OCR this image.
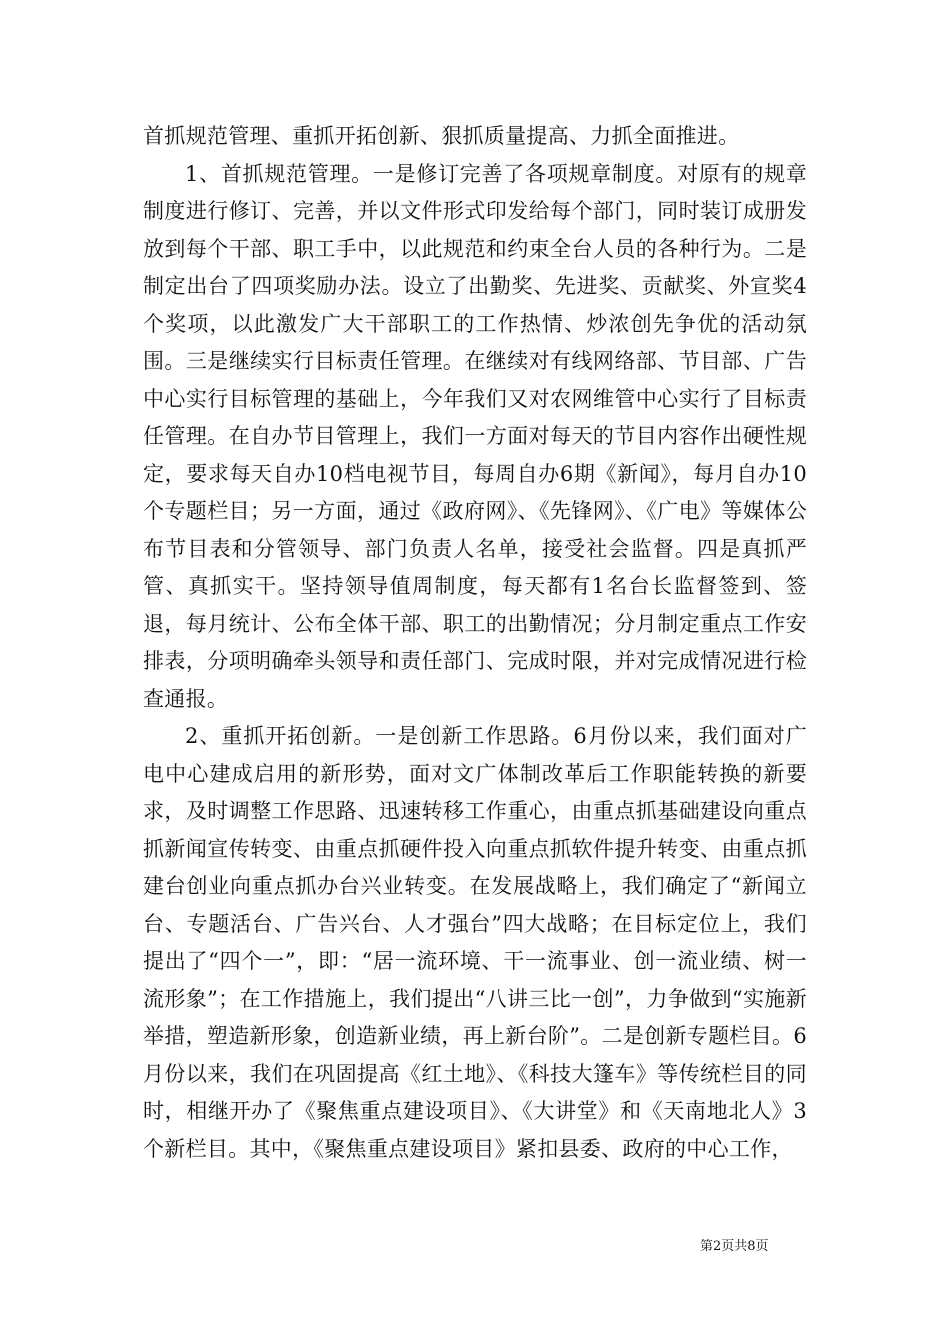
首抓规范管理、重抓开拓创新、狠抓质量提高、力抓全面推进。

1、首抓规范管理。一是修订完善了各项规章制度。对原有的规章制度进行修订、完善，并以文件形式印发给每个部门，同时装订成册发放到每个干部、职工手中，以此规范和约束全台人员的各种行为。二是制定出台了四项奖励办法。设立了出勤奖、先进奖、贡献奖、外宣奖4个奖项，以此激发广大干部职工的工作热情、炒浓创先争优的活动氛围。三是继续实行目标责任管理。在继续对有线网络部、节目部、广告中心实行目标管理的基础上，今年我们又对农网维管中心实行了目标责任管理。在自办节目管理上，我们一方面对每天的节目内容作出硬性规定，要求每天自办10档电视节目，每周自办6期《新闻》，每月自办10个专题栏目；另一方面，通过《政府网》、《先锋网》、《广电》等媒体公布节目表和分管领导、部门负责人名单，接受社会监督。四是真抓严管、真抓实干。坚持领导值周制度，每天都有1名台长监督签到、签退，每月统计、公布全体干部、职工的出勤情况；分月制定重点工作安排表，分项明确牵头领导和责任部门、完成时限，并对完成情况进行检查通报。

2、重抓开拓创新。一是创新工作思路。6月份以来，我们面对广电中心建成启用的新形势，面对文广体制改革后工作职能转换的新要求，及时调整工作思路、迅速转移工作重心，由重点抓基础建设向重点抓新闻宣传转变、由重点抓硬件投入向重点抓软件提升转变、由重点抓建台创业向重点抓办台兴业转变。在发展战略上，我们确定了“新闻立台、专题活台、广告兴台、人才强台”四大战略；在目标定位上，我们提出了“四个一”，即：“居一流环境、干一流事业、创一流业绩、树一流形象”；在工作措施上，我们提出“八讲三比一创”，力争做到“实施新举措，塑造新形象，创造新业绩，再上新台阶”。二是创新专题栏目。6月份以来，我们在巩固提高《红土地》、《科技大篷车》等传统栏目的同时，相继开办了《聚焦重点建设项目》、《大讲堂》和《天南地北人》3个新栏目。其中，《聚焦重点建设项目》紧扣县委、政府的中心工作，

第2页共8页
